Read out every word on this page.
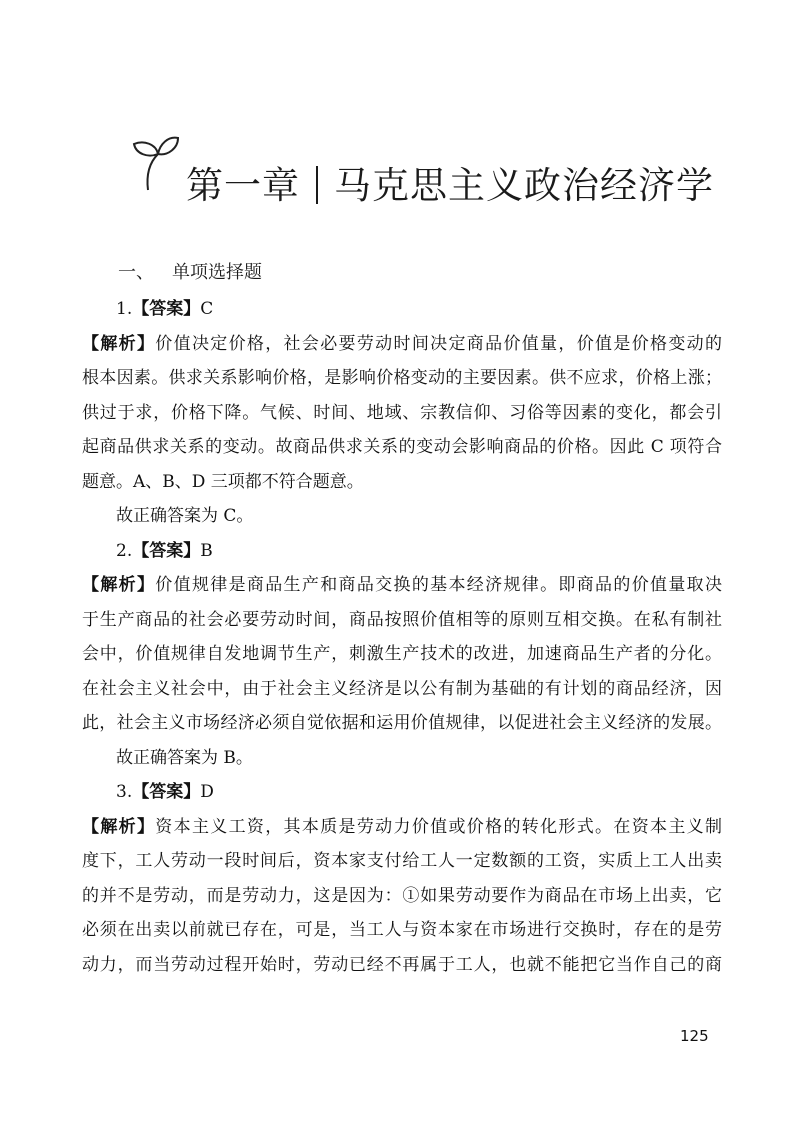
第一章 马克思主义政治经济学
一、 单项选择题
1.【答案】C
【解析】价值决定价格，社会必要劳动时间决定商品价值量，价值是价格变动的
根本因素。供求关系影响价格，是影响价格变动的主要因素。供不应求，价格上涨；
供过于求，价格下降。气候、时间、地域、宗教信仰、习俗等因素的变化，都会引
起商品供求关系的变动。故商品供求关系的变动会影响商品的价格。因此 C 项符合
题意。A、B、D 三项都不符合题意。
故正确答案为 C。
2.【答案】B
【解析】价值规律是商品生产和商品交换的基本经济规律。即商品的价值量取决
于生产商品的社会必要劳动时间，商品按照价值相等的原则互相交换。在私有制社
会中，价值规律自发地调节生产，刺激生产技术的改进，加速商品生产者的分化。
在社会主义社会中，由于社会主义经济是以公有制为基础的有计划的商品经济，因
此，社会主义市场经济必须自觉依据和运用价值规律，以促进社会主义经济的发展。
故正确答案为 B。
3.【答案】D
【解析】资本主义工资，其本质是劳动力价值或价格的转化形式。在资本主义制
度下，工人劳动一段时间后，资本家支付给工人一定数额的工资，实质上工人出卖
的并不是劳动，而是劳动力，这是因为：①如果劳动要作为商品在市场上出卖，它
必须在出卖以前就已存在，可是，当工人与资本家在市场进行交换时，存在的是劳
动力，而当劳动过程开始时，劳动已经不再属于工人，也就不能把它当作自己的商
125
